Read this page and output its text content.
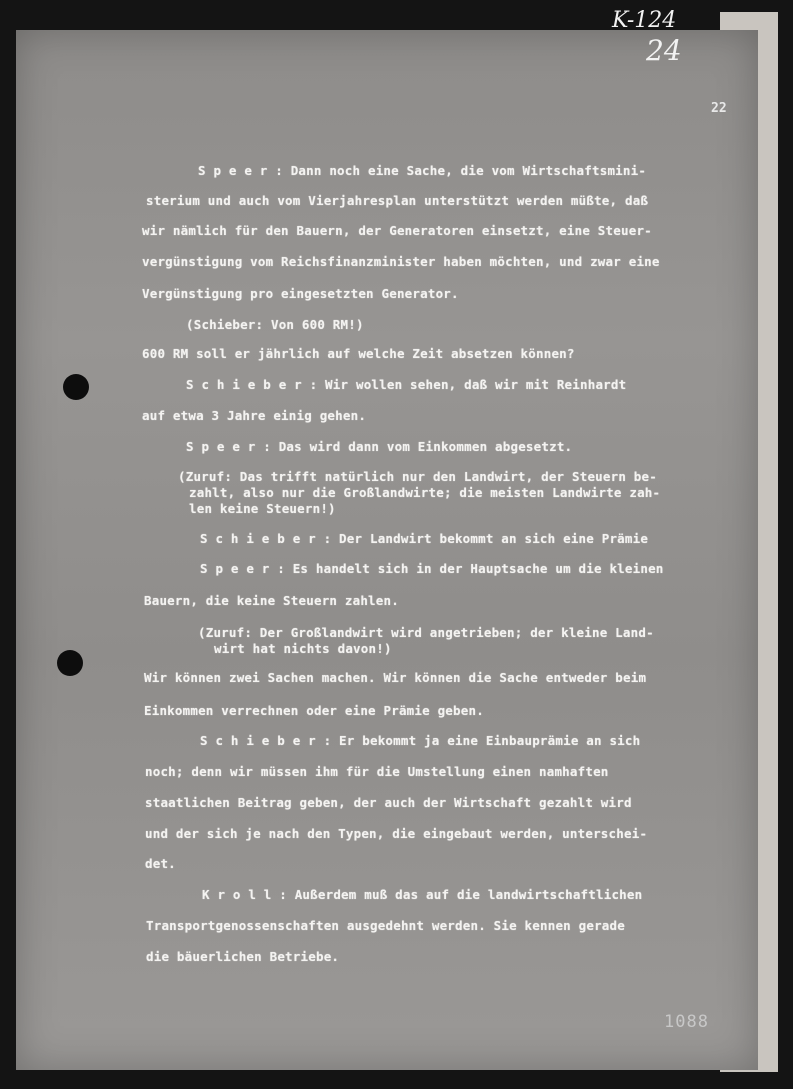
K-124
24
22
S p e e r : Dann noch eine Sache, die vom Wirtschaftsmini-
sterium und auch vom Vierjahresplan unterstützt werden müßte, daß
wir nämlich für den Bauern, der Generatoren einsetzt, eine Steuer-
vergünstigung vom Reichsfinanzminister haben möchten, und zwar eine
Vergünstigung pro eingesetzten Generator.
(Schieber: Von 600 RM!)
600 RM soll er jährlich auf welche Zeit absetzen können?
S c h i e b e r : Wir wollen sehen, daß wir mit Reinhardt
auf etwa 3 Jahre einig gehen.
S p e e r : Das wird dann vom Einkommen abgesetzt.
(Zuruf: Das trifft natürlich nur den Landwirt, der Steuern be-
zahlt, also nur die Großlandwirte; die meisten Landwirte zah-
len keine Steuern!)
S c h i e b e r : Der Landwirt bekommt an sich eine Prämie
S p e e r : Es handelt sich in der Hauptsache um die kleinen
Bauern, die keine Steuern zahlen.
(Zuruf: Der Großlandwirt wird angetrieben; der kleine Land-
wirt hat nichts davon!)
Wir können zwei Sachen machen. Wir können die Sache entweder beim
Einkommen verrechnen oder eine Prämie geben.
S c h i e b e r : Er bekommt ja eine Einbauprämie an sich
noch; denn wir müssen ihm für die Umstellung einen namhaften
staatlichen Beitrag geben, der auch der Wirtschaft gezahlt wird
und der sich je nach den Typen, die eingebaut werden, unterschei-
det.
K r o l l : Außerdem muß das auf die landwirtschaftlichen
Transportgenossenschaften ausgedehnt werden. Sie kennen gerade
die bäuerlichen Betriebe.
1088
